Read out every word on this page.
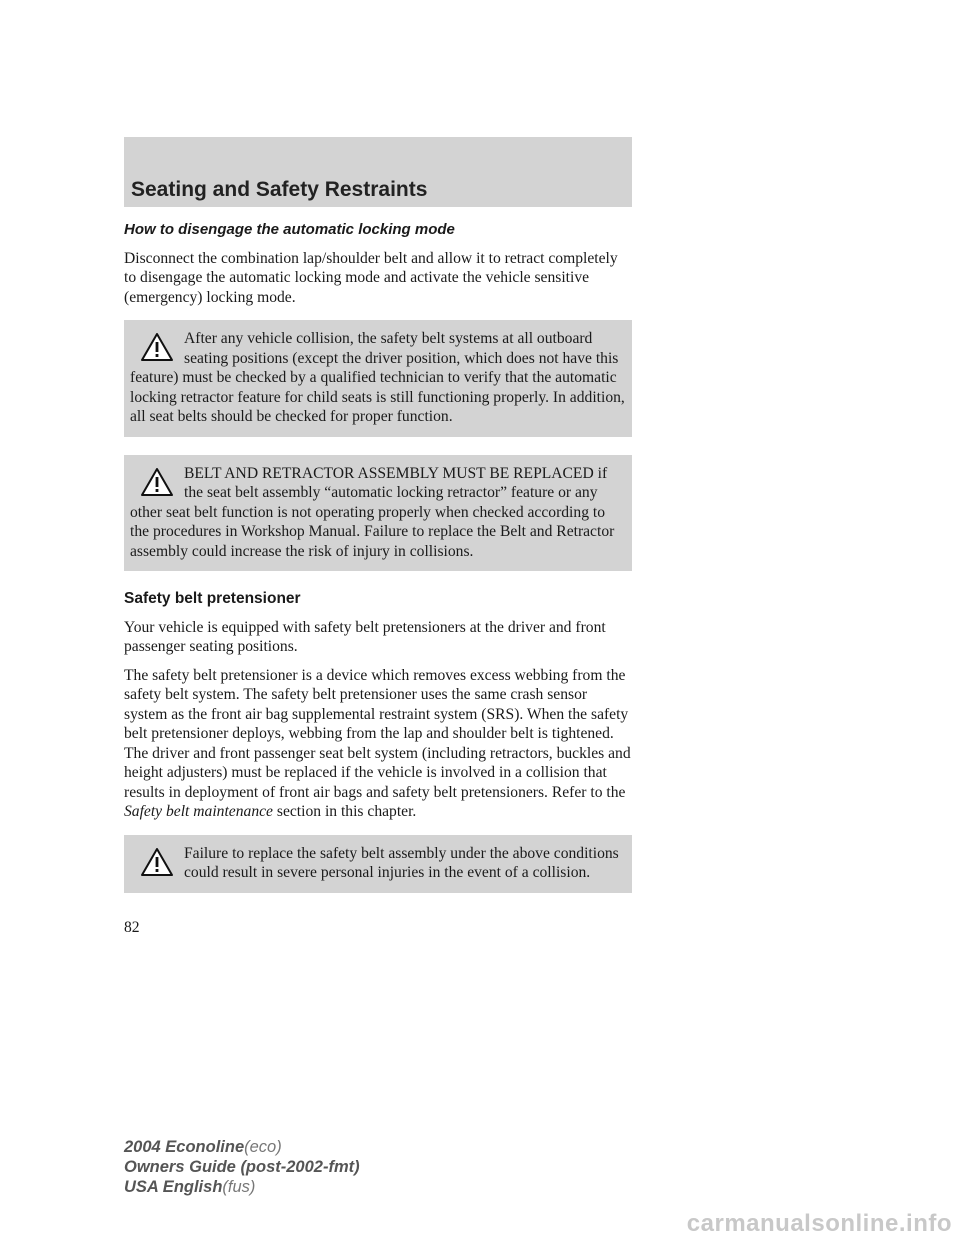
Seating and Safety Restraints
How to disengage the automatic locking mode

Disconnect the combination lap/shoulder belt and allow it to retract completely to disengage the automatic locking mode and activate the vehicle sensitive (emergency) locking mode.

After any vehicle collision, the safety belt systems at all outboard seating positions (except the driver position, which does not have this feature) must be checked by a qualified technician to verify that the automatic locking retractor feature for child seats is still functioning properly. In addition, all seat belts should be checked for proper function.

BELT AND RETRACTOR ASSEMBLY MUST BE REPLACED if the seat belt assembly “automatic locking retractor” feature or any other seat belt function is not operating properly when checked according to the procedures in Workshop Manual. Failure to replace the Belt and Retractor assembly could increase the risk of injury in collisions.

Safety belt pretensioner

Your vehicle is equipped with safety belt pretensioners at the driver and front passenger seating positions.

The safety belt pretensioner is a device which removes excess webbing from the safety belt system. The safety belt pretensioner uses the same crash sensor system as the front air bag supplemental restraint system (SRS). When the safety belt pretensioner deploys, webbing from the lap and shoulder belt is tightened. The driver and front passenger seat belt system (including retractors, buckles and height adjusters) must be replaced if the vehicle is involved in a collision that results in deployment of front air bags and safety belt pretensioners. Refer to the Safety belt maintenance section in this chapter.

Failure to replace the safety belt assembly under the above conditions could result in severe personal injuries in the event of a collision.

82
2004 Econoline(eco)
Owners Guide (post-2002-fmt)
USA English(fus)
carmanualsonline.info
